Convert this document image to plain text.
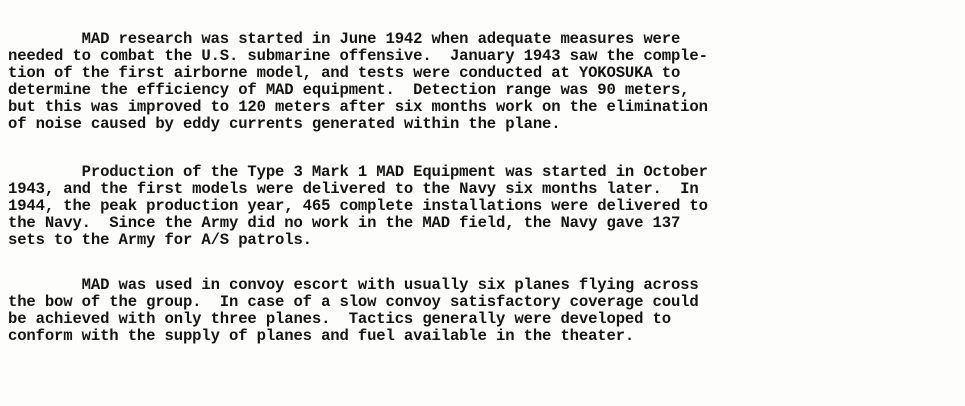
MAD research was started in June 1942 when adequate measures were
needed to combat the U.S. submarine offensive.  January 1943 saw the comple-
tion of the first airborne model, and tests were conducted at YOKOSUKA to
determine the efficiency of MAD equipment.  Detection range was 90 meters,
but this was improved to 120 meters after six months work on the elimination
of noise caused by eddy currents generated within the plane.
Production of the Type 3 Mark 1 MAD Equipment was started in October
1943, and the first models were delivered to the Navy six months later.  In
1944, the peak production year, 465 complete installations were delivered to
the Navy.  Since the Army did no work in the MAD field, the Navy gave 137
sets to the Army for A/S patrols.
MAD was used in convoy escort with usually six planes flying across
the bow of the group.  In case of a slow convoy satisfactory coverage could
be achieved with only three planes.  Tactics generally were developed to
conform with the supply of planes and fuel available in the theater.
